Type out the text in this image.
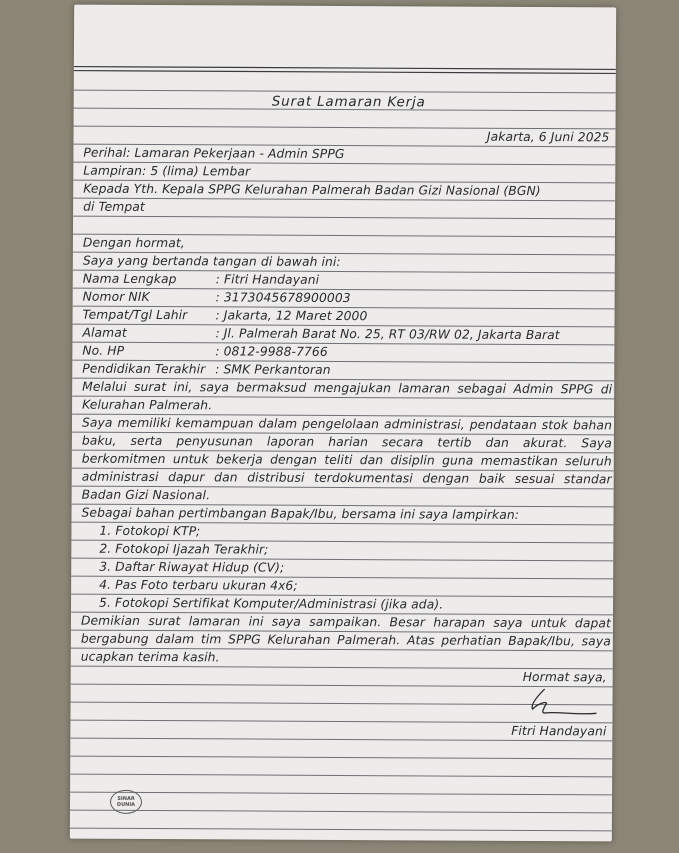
Surat Lamaran Kerja
Jakarta, 6 Juni 2025
Perihal: Lamaran Pekerjaan - Admin SPPG
Lampiran: 5 (lima) Lembar
Kepada Yth. Kepala SPPG Kelurahan Palmerah Badan Gizi Nasional (BGN)
di Tempat
Dengan hormat,
Saya yang bertanda tangan di bawah ini:
Nama Lengkap	: Fitri Handayani
Nomor NIK	: 3173045678900003
Tempat/Tgl Lahir : Jakarta, 12 Maret 2000
Alamat	: Jl. Palmerah Barat No. 25, RT 03/RW 02, Jakarta Barat
No. HP	: 0812-9988-7766
Pendidikan Terakhir : SMK Perkantoran
Melalui surat ini, saya bermaksud mengajukan lamaran sebagai Admin SPPG di
Kelurahan Palmerah.
Saya memiliki kemampuan dalam pengelolaan administrasi, pendataan stok bahan
baku, serta penyusunan laporan harian secara tertib dan akurat. Saya
berkomitmen untuk bekerja dengan teliti dan disiplin guna memastikan seluruh
administrasi dapur dan distribusi terdokumentasi dengan baik sesuai standar
Badan Gizi Nasional.
Sebagai bahan pertimbangan Bapak/Ibu, bersama ini saya lampirkan:
1. Fotokopi KTP;
2. Fotokopi Ijazah Terakhir;
3. Daftar Riwayat Hidup (CV);
4. Pas Foto terbaru ukuran 4x6;
5. Fotokopi Sertifikat Komputer/Administrasi (jika ada).
Demikian surat lamaran ini saya sampaikan. Besar harapan saya untuk dapat
bergabung dalam tim SPPG Kelurahan Palmerah. Atas perhatian Bapak/Ibu, saya
ucapkan terima kasih.
Hormat saya,
Fitri Handayani
SINAR DUNIA
